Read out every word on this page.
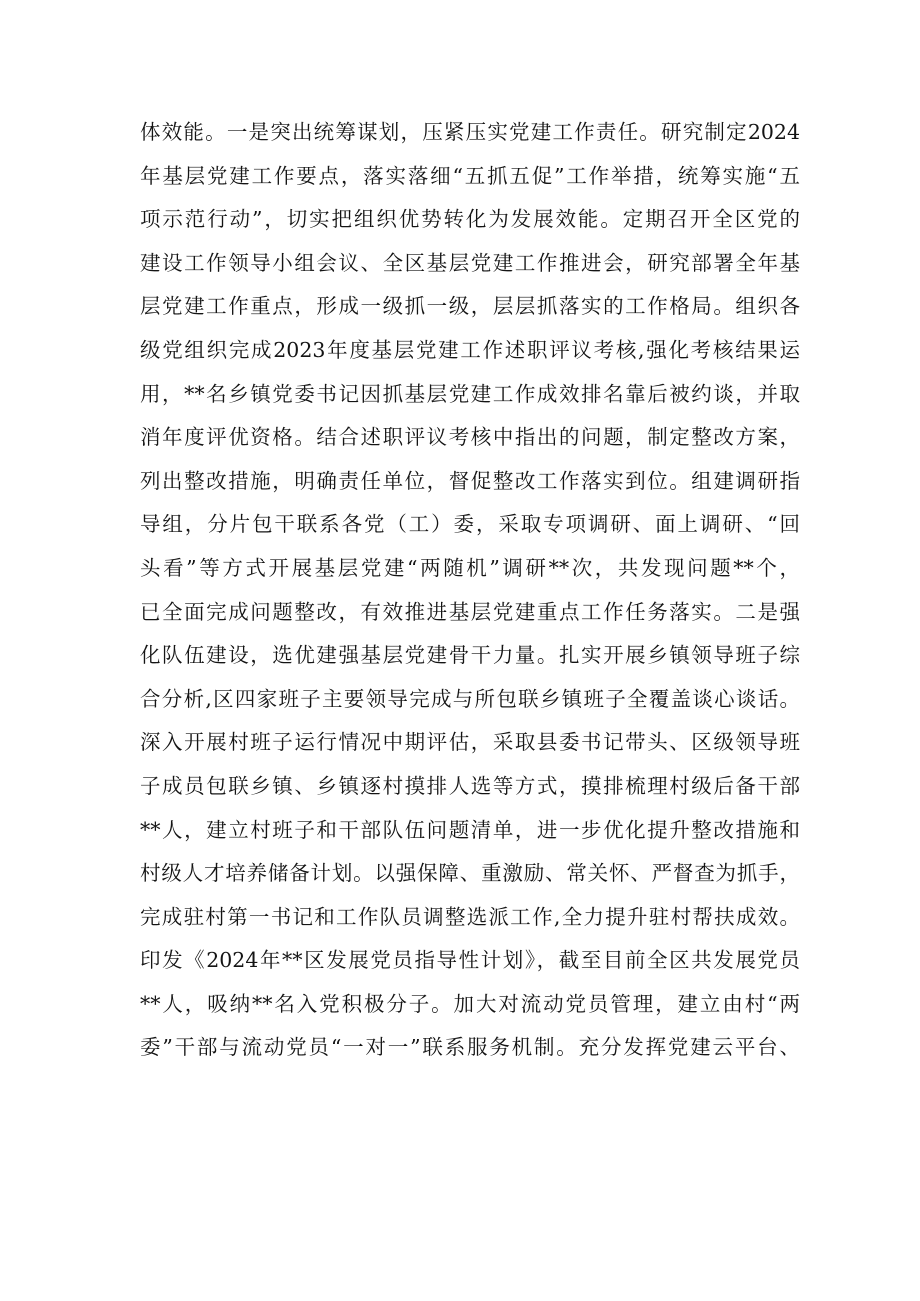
体效能。一是突出统筹谋划，压紧压实党建工作责任。研究制定2024
年基层党建工作要点，落实落细“五抓五促”工作举措，统筹实施“五
项示范行动”，切实把组织优势转化为发展效能。定期召开全区党的
建设工作领导小组会议、全区基层党建工作推进会，研究部署全年基
层党建工作重点，形成一级抓一级，层层抓落实的工作格局。组织各
级党组织完成2023年度基层党建工作述职评议考核,强化考核结果运
用，**名乡镇党委书记因抓基层党建工作成效排名靠后被约谈，并取
消年度评优资格。结合述职评议考核中指出的问题，制定整改方案，
列出整改措施，明确责任单位，督促整改工作落实到位。组建调研指
导组，分片包干联系各党（工）委，采取专项调研、面上调研、“回
头看”等方式开展基层党建“两随机”调研**次，共发现问题**个，
已全面完成问题整改，有效推进基层党建重点工作任务落实。二是强
化队伍建设，选优建强基层党建骨干力量。扎实开展乡镇领导班子综
合分析,区四家班子主要领导完成与所包联乡镇班子全覆盖谈心谈话。
深入开展村班子运行情况中期评估，采取县委书记带头、区级领导班
子成员包联乡镇、乡镇逐村摸排人选等方式，摸排梳理村级后备干部
**人，建立村班子和干部队伍问题清单，进一步优化提升整改措施和
村级人才培养储备计划。以强保障、重激励、常关怀、严督查为抓手，
完成驻村第一书记和工作队员调整选派工作,全力提升驻村帮扶成效。
印发《2024年**区发展党员指导性计划》，截至目前全区共发展党员
**人，吸纳**名入党积极分子。加大对流动党员管理，建立由村“两
委”干部与流动党员“一对一”联系服务机制。充分发挥党建云平台、
